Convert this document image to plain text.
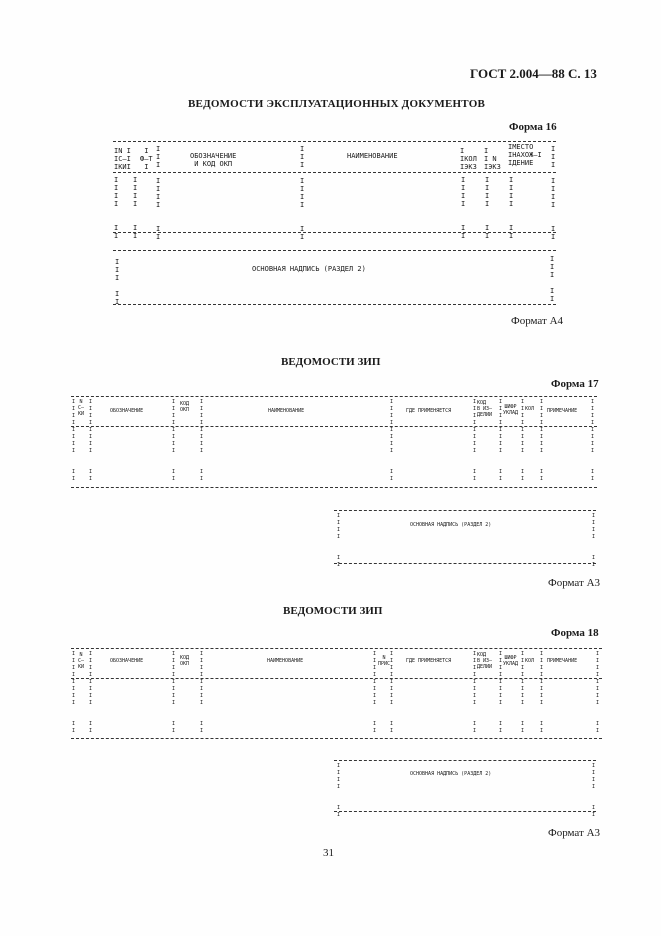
ГОСТ 2.004—88 С. 13
ВЕДОМОСТИ ЭКСПЛУАТАЦИОННЫХ ДОКУМЕНТОВ
Форма 16
IN I
IC—I
IКИI
I
Ф—T
I
ОБОЗНАЧЕНИЕ
И КОД ОКП
НАИМЕНОВАНИЕ
I
IКОЛ
IЭКЗ
I
I N
IЭКЗ
IМЕСТО
IНАХОЖ—I
IДЕНИЕ
I
I
I
I

I
I
I
I
I
I

I
I
I
I
I

I
I
I
I

I
I
I
I
I

I
I
I
I

I
I
I
I
I
I

I
I
I
I
I
I

I
I
I
I
I
I

I
I
I
I
I

I
I
I
I

I
I
I
I
I

I
I
I
I
I

I
I
ОСНОВНАЯ НАДПИСЬ (РАЗДЕЛ 2)
Формат А4
ВЕДОМОСТИ ЗИП
Форма 17
I
I
I
I
I
I
I
I

I
I
N
C—
КИ
I
I
I
I
I
I
I
I

I
I
ОБОЗНАЧЕНИЕ
I
I
I
I
I
I
I
I

I
I
КОД
ОКП
I
I
I
I
I
I
I
I

I
I
НАИМЕНОВАНИЕ
I
I
I
I
I
I
I
I

I
I
ГДЕ ПРИМЕНЯЕТСЯ
I
I
I
I
I
I
I
I

I
I
КОД
В ИЗ—
ДЕЛИИ
I
I
I
I
I
I
I
I

I
I
ШИФР
УКЛАД
I
I
I
I
I
I
I
I

I
I
КОЛ
I
I
I
I
I
I
I
I

I
I
ПРИМЕЧАНИЕ
I
I
I
I
I
I
I
I

I
I
I
I
I
I

I
I
I
I
I
I

I
I
ОСНОВНАЯ НАДПИСЬ (РАЗДЕЛ 2)
Формат А3
ВЕДОМОСТИ ЗИП
Форма 18
I
I
I
I
I
I
I
I

I
I
N
C—
КИ
I
I
I
I
I
I
I
I

I
I
ОБОЗНАЧЕНИЕ
I
I
I
I
I
I
I
I

I
I
КОД
ОКП
I
I
I
I
I
I
I
I

I
I
НАИМЕНОВАНИЕ
I
I
I
I
I
I
I
I

I
I
N
ПРИС
I
I
I
I
I
I
I
I

I
I
ГДЕ ПРИМЕНЯЕТСЯ
I
I
I
I
I
I
I
I

I
I
КОД
В ИЗ—
ДЕЛИИ
I
I
I
I
I
I
I
I

I
I
ШИФР
УКЛАД
I
I
I
I
I
I
I
I

I
I
КОЛ
I
I
I
I
I
I
I
I

I
I
ПРИМЕЧАНИЕ
I
I
I
I
I
I
I
I

I
I
I
I
I
I

I
I
I
I
I
I

I
I
ОСНОВНАЯ НАДПИСЬ (РАЗДЕЛ 2)
Формат А3
31
